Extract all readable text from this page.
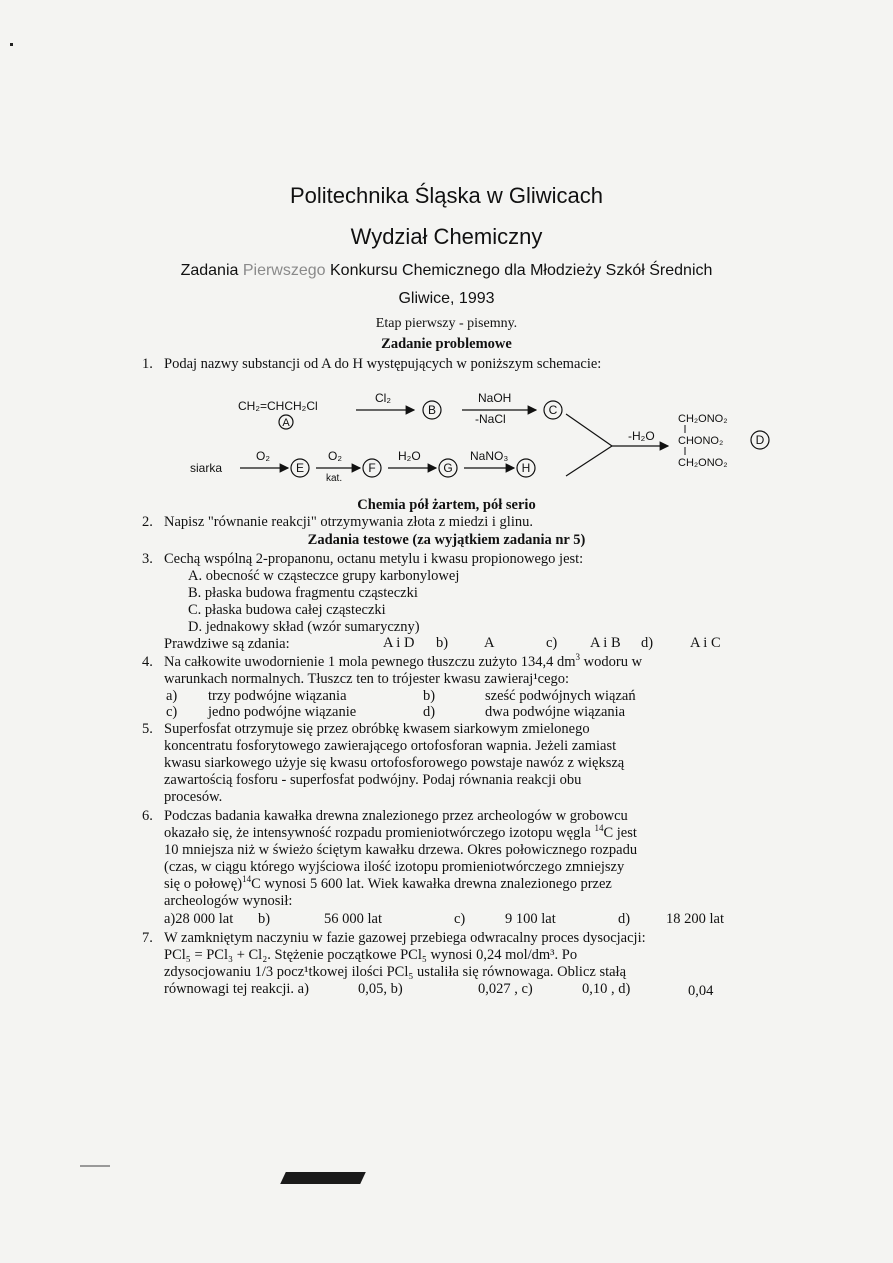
Politechnika Śląska w Gliwicach
Wydział Chemiczny
Zadania Pierwszego Konkursu Chemicznego dla Młodzieży Szkół Średnich
Gliwice, 1993
Etap pierwszy - pisemny.
Zadanie problemowe
1. Podaj nazwy substancji od A do H występujących w poniższym schemacie:
CH₂=CHCH₂Cl
A
Cl₂
B
NaOH
-NaCl
C
-H₂O
CH₂ONO₂
CHONO₂
CH₂ONO₂
D
siarka
O₂
E
O₂
kat.
F
H₂O
G
NaNO₃
H
Chemia pół żartem, pół serio
2. Napisz "równanie reakcji" otrzymywania złota z miedzi i glinu.
Zadania testowe (za wyjątkiem zadania nr 5)
3. Cechą wspólną 2-propanonu, octanu metylu i kwasu propionowego jest:
A. obecność w cząsteczce grupy karbonylowej
B. płaska budowa fragmentu cząsteczki
C. płaska budowa całej cząsteczki
D. jednakowy skład (wzór sumaryczny)
Prawdziwe są zdania:	A i D b) A	c) A i B d)	A i C
4. Na całkowite uwodornienie 1 mola pewnego tłuszczu zużyto 134,4 $dm^3$ wodoru w
warunkach normalnych. Tłuszcz ten to trójester kwasu zawieraj¹cego:
a) trzy podwójne wiązania	b)	sześć podwójnych wiązań
c) jedno podwójne wiązanie	d)	dwa podwójne wiązania
5. Superfosfat otrzymuje się przez obróbkę kwasem siarkowym zmielonego
koncentratu fosforytowego zawierającego ortofosforan wapnia. Jeżeli zamiast
kwasu siarkowego użyje się kwasu ortofosforowego powstaje nawóz z większą
zawartością fosforu - superfosfat podwójny. Podaj równania reakcji obu
procesów.
6. Podczas badania kawałka drewna znalezionego przez archeologów w grobowcu
okazało się, że intensywność rozpadu promieniotwórczego izotopu węgla $^{14}$C jest
10 mniejsza niż w świeżo ściętym kawałku drzewa. Okres połowicznego rozpadu
(czas, w ciągu którego wyjściowa ilość izotopu promieniotwórczego zmniejszy
się o połowę)$^{14}$C wynosi 5 600 lat. Wiek kawałka drewna znalezionego przez
archeologów wynosił:
a)28 000 lat b)	56 000 lat	c)	9 100 lat	d) 18 200 lat
7. W zamkniętym naczyniu w fazie gazowej przebiega odwracalny proces dysocjacji:
PCl₅ = PCl₃ + Cl₂. Stężenie początkowe PCl₅ wynosi 0,24 mol/dm³. Po
zdysocjowaniu 1/3 pocz¹tkowej ilości PCl₅ ustaliła się równowaga. Oblicz stałą
równowagi tej reakcji. a)	0,05, b)	0,027 , c)	0,10 , d)	0,04
